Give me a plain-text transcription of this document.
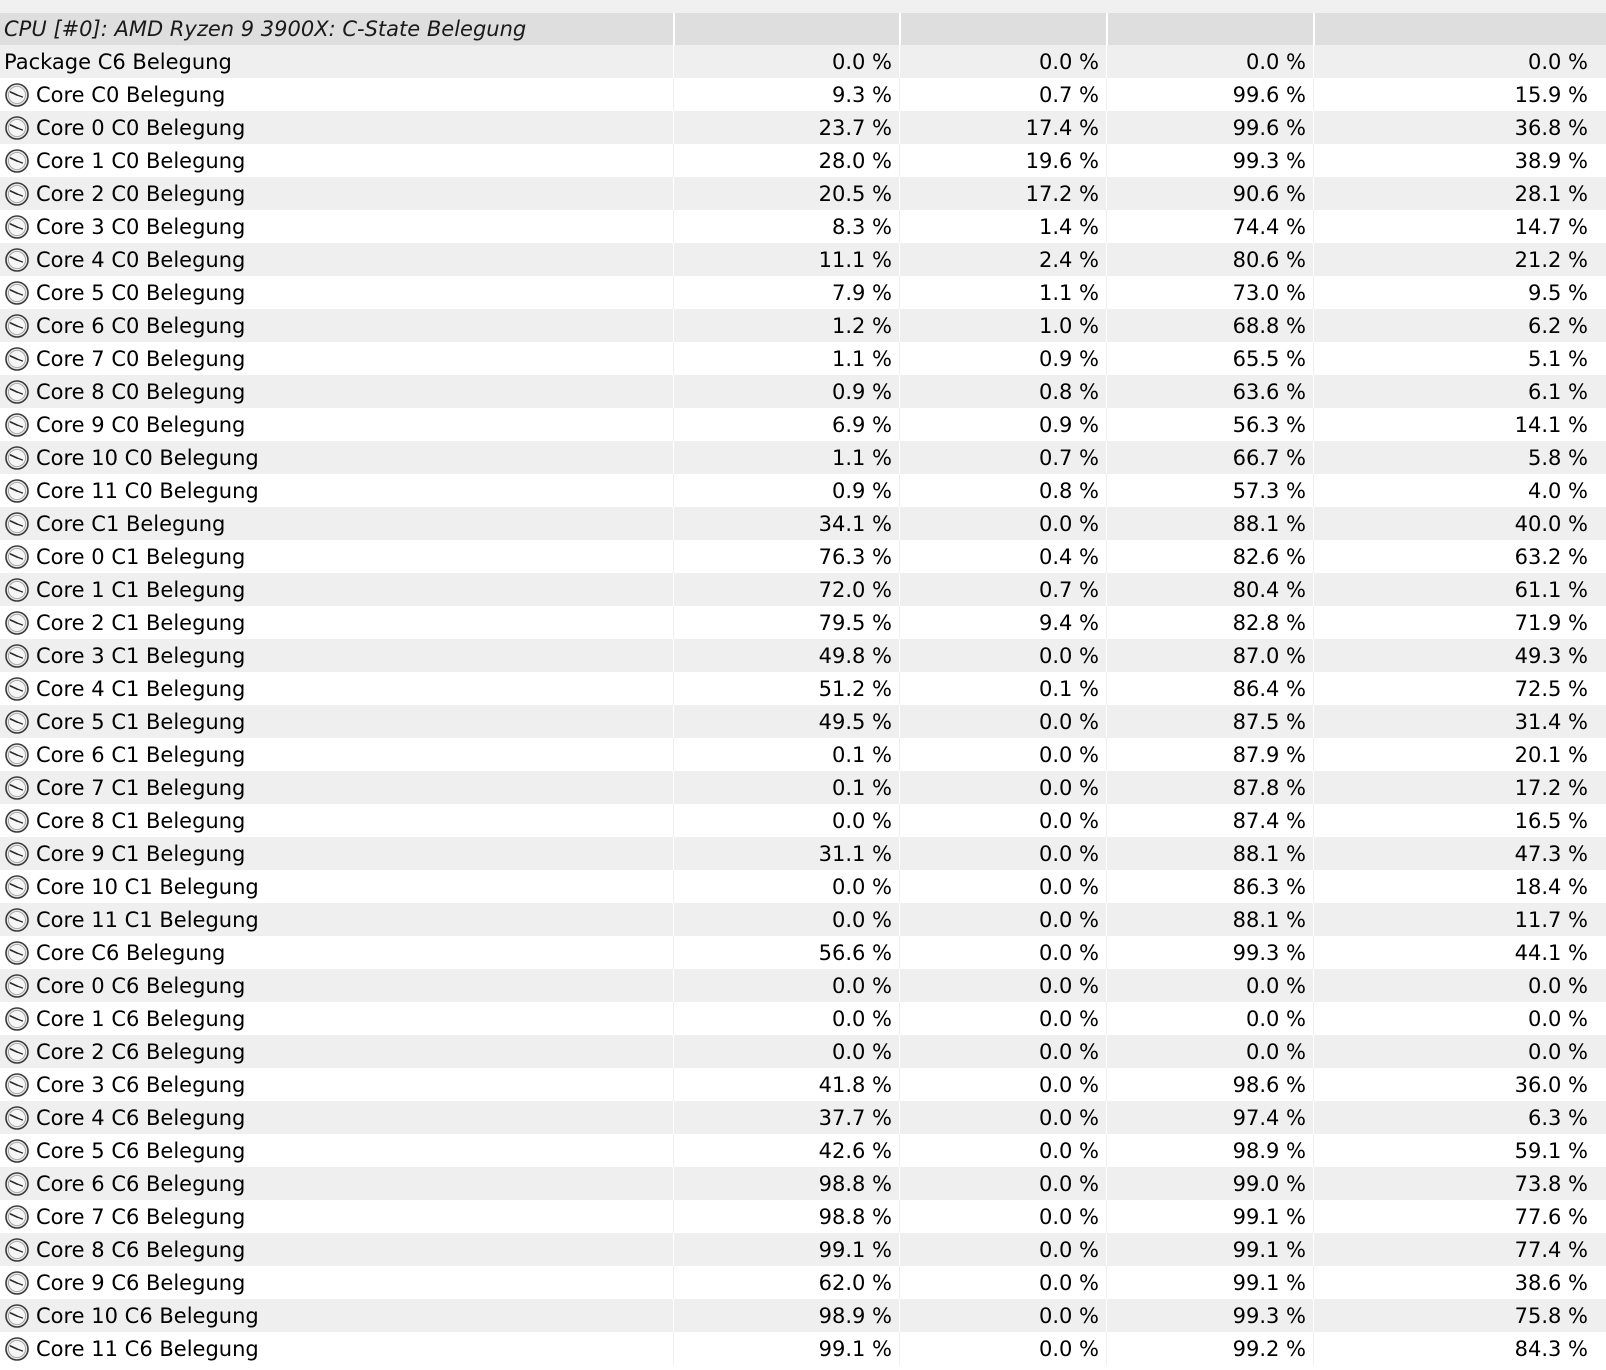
CPU [#0]: AMD Ryzen 9 3900X: C-State Belegung
Package C6 Belegung	0.0 %	0.0 %	0.0 %	0.0 %
Core C0 Belegung	9.3 %	0.7 %	99.6 %	15.9 %
Core 0 C0 Belegung	23.7 %	17.4 %	99.6 %	36.8 %
Core 1 C0 Belegung	28.0 %	19.6 %	99.3 %	38.9 %
Core 2 C0 Belegung	20.5 %	17.2 %	90.6 %	28.1 %
Core 3 C0 Belegung	8.3 %	1.4 %	74.4 %	14.7 %
Core 4 C0 Belegung	11.1 %	2.4 %	80.6 %	21.2 %
Core 5 C0 Belegung	7.9 %	1.1 %	73.0 %	9.5 %
Core 6 C0 Belegung	1.2 %	1.0 %	68.8 %	6.2 %
Core 7 C0 Belegung	1.1 %	0.9 %	65.5 %	5.1 %
Core 8 C0 Belegung	0.9 %	0.8 %	63.6 %	6.1 %
Core 9 C0 Belegung	6.9 %	0.9 %	56.3 %	14.1 %
Core 10 C0 Belegung	1.1 %	0.7 %	66.7 %	5.8 %
Core 11 C0 Belegung	0.9 %	0.8 %	57.3 %	4.0 %
Core C1 Belegung	34.1 %	0.0 %	88.1 %	40.0 %
Core 0 C1 Belegung	76.3 %	0.4 %	82.6 %	63.2 %
Core 1 C1 Belegung	72.0 %	0.7 %	80.4 %	61.1 %
Core 2 C1 Belegung	79.5 %	9.4 %	82.8 %	71.9 %
Core 3 C1 Belegung	49.8 %	0.0 %	87.0 %	49.3 %
Core 4 C1 Belegung	51.2 %	0.1 %	86.4 %	72.5 %
Core 5 C1 Belegung	49.5 %	0.0 %	87.5 %	31.4 %
Core 6 C1 Belegung	0.1 %	0.0 %	87.9 %	20.1 %
Core 7 C1 Belegung	0.1 %	0.0 %	87.8 %	17.2 %
Core 8 C1 Belegung	0.0 %	0.0 %	87.4 %	16.5 %
Core 9 C1 Belegung	31.1 %	0.0 %	88.1 %	47.3 %
Core 10 C1 Belegung	0.0 %	0.0 %	86.3 %	18.4 %
Core 11 C1 Belegung	0.0 %	0.0 %	88.1 %	11.7 %
Core C6 Belegung	56.6 %	0.0 %	99.3 %	44.1 %
Core 0 C6 Belegung	0.0 %	0.0 %	0.0 %	0.0 %
Core 1 C6 Belegung	0.0 %	0.0 %	0.0 %	0.0 %
Core 2 C6 Belegung	0.0 %	0.0 %	0.0 %	0.0 %
Core 3 C6 Belegung	41.8 %	0.0 %	98.6 %	36.0 %
Core 4 C6 Belegung	37.7 %	0.0 %	97.4 %	6.3 %
Core 5 C6 Belegung	42.6 %	0.0 %	98.9 %	59.1 %
Core 6 C6 Belegung	98.8 %	0.0 %	99.0 %	73.8 %
Core 7 C6 Belegung	98.8 %	0.0 %	99.1 %	77.6 %
Core 8 C6 Belegung	99.1 %	0.0 %	99.1 %	77.4 %
Core 9 C6 Belegung	62.0 %	0.0 %	99.1 %	38.6 %
Core 10 C6 Belegung	98.9 %	0.0 %	99.3 %	75.8 %
Core 11 C6 Belegung	99.1 %	0.0 %	99.2 %	84.3 %
